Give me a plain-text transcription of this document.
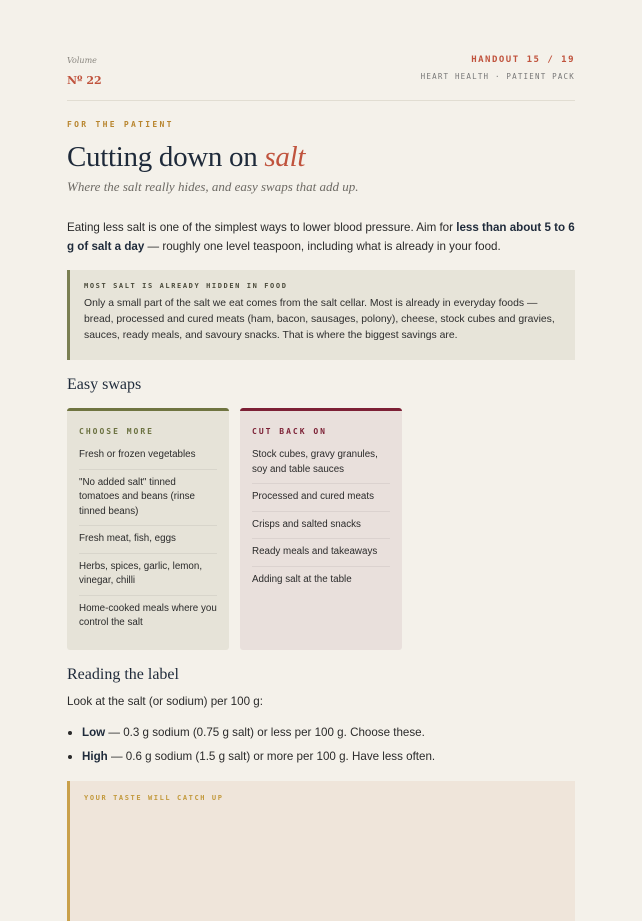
Volume
Nº 22
HANDOUT 15 / 19
HEART HEALTH · PATIENT PACK
FOR THE PATIENT
Cutting down on salt
Where the salt really hides, and easy swaps that add up.
Eating less salt is one of the simplest ways to lower blood pressure. Aim for less than about 5 to 6 g of salt a day — roughly one level teaspoon, including what is already in your food.
MOST SALT IS ALREADY HIDDEN IN FOOD
Only a small part of the salt we eat comes from the salt cellar. Most is already in everyday foods — bread, processed and cured meats (ham, bacon, sausages, polony), cheese, stock cubes and gravies, sauces, ready meals, and savoury snacks. That is where the biggest savings are.
Easy swaps
CHOOSE MORE
Fresh or frozen vegetables
"No added salt" tinned tomatoes and beans (rinse tinned beans)
Fresh meat, fish, eggs
Herbs, spices, garlic, lemon, vinegar, chilli
Home-cooked meals where you control the salt
CUT BACK ON
Stock cubes, gravy granules, soy and table sauces
Processed and cured meats
Crisps and salted snacks
Ready meals and takeaways
Adding salt at the table
Reading the label
Look at the salt (or sodium) per 100 g:
Low — 0.3 g sodium (0.75 g salt) or less per 100 g. Choose these.
High — 0.6 g sodium (1.5 g salt) or more per 100 g. Have less often.
YOUR TASTE WILL CATCH UP
